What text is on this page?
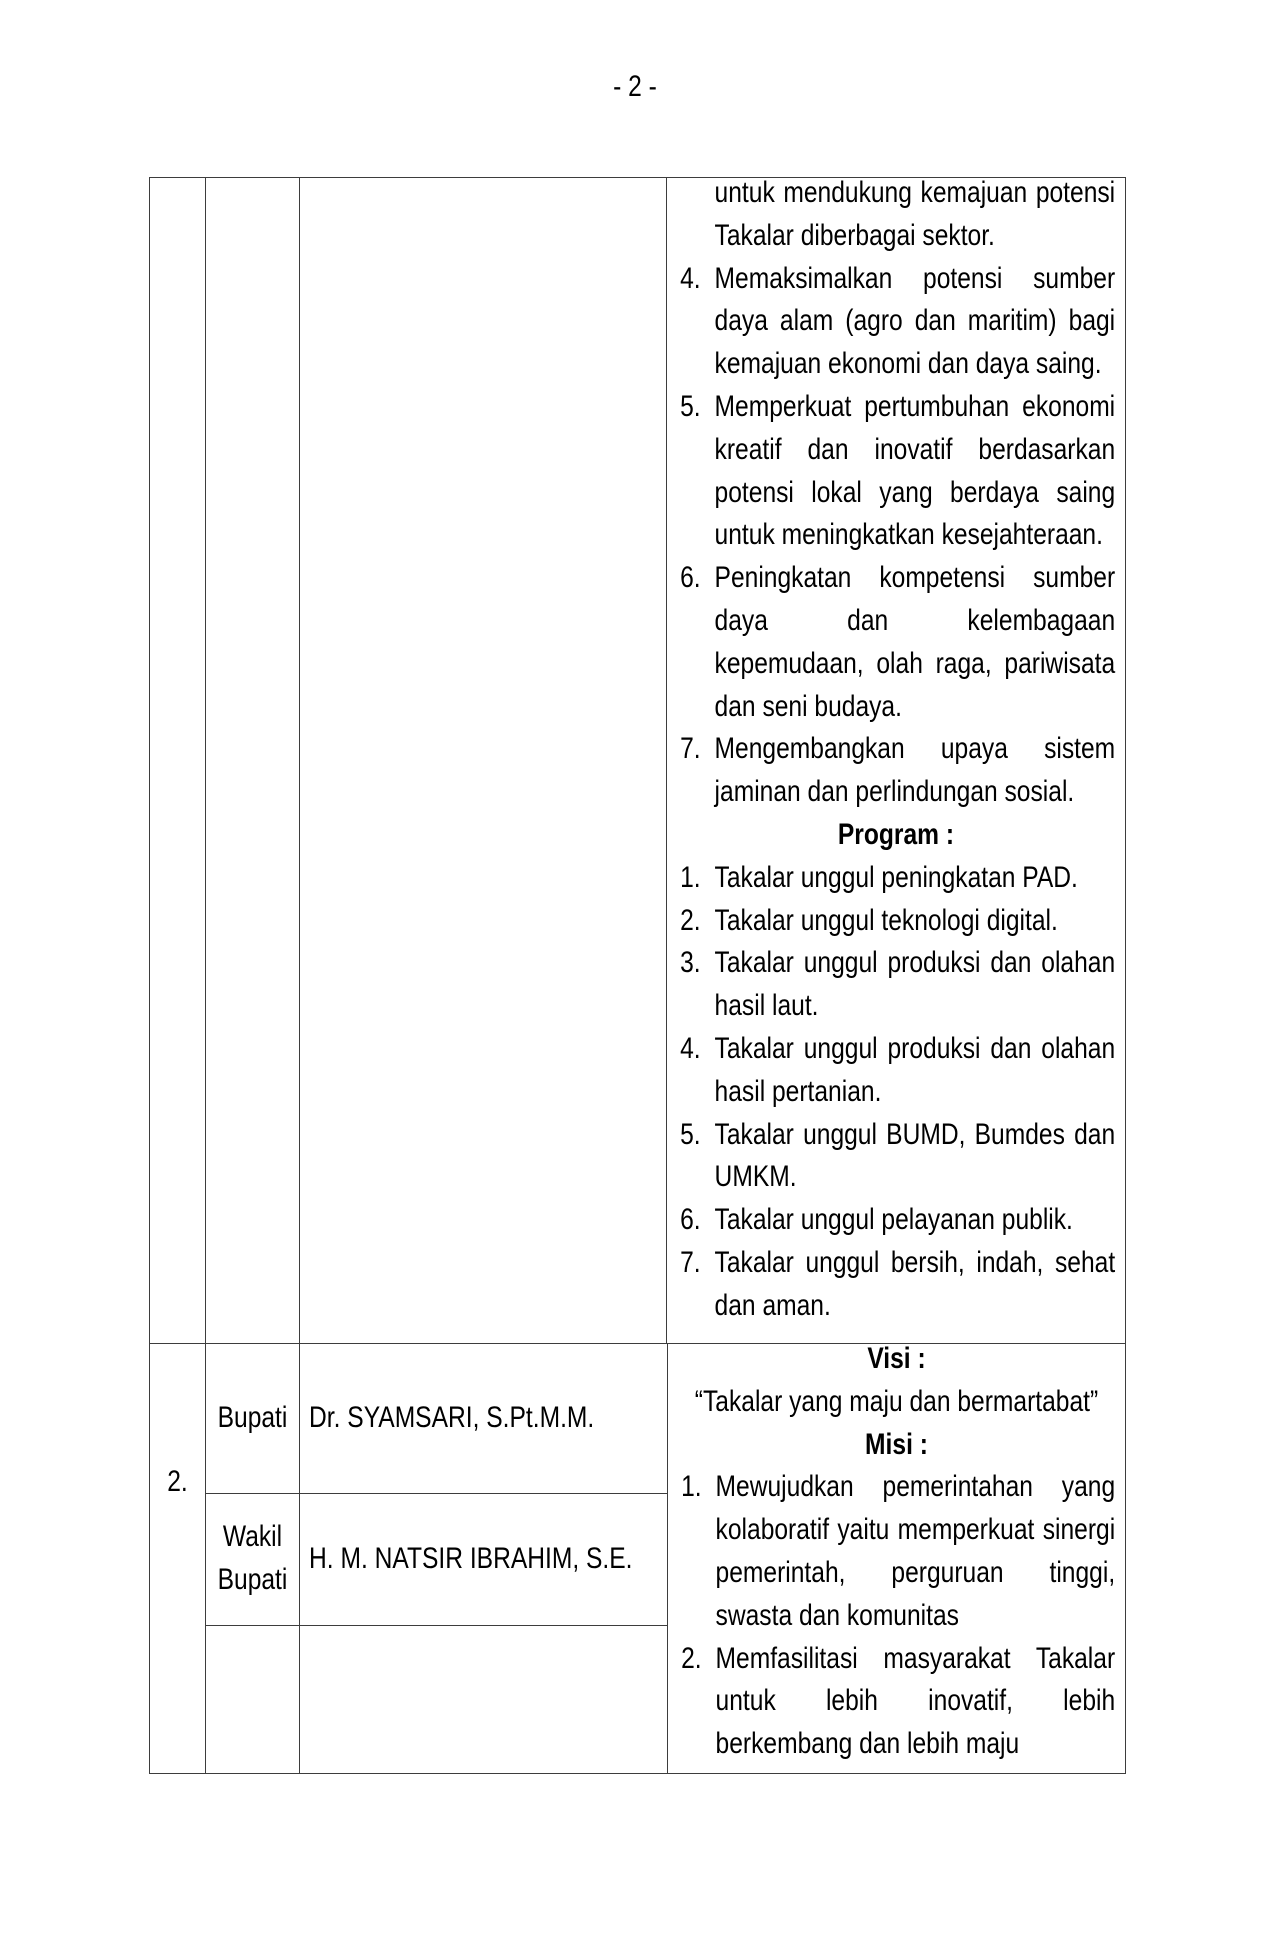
- 2 -
untuk mendukung kemajuan potensi
Takalar diberbagai sektor.
4. Memaksimalkan potensi sumber
daya alam (agro dan maritim) bagi
kemajuan ekonomi dan daya saing.
5. Memperkuat pertumbuhan ekonomi
kreatif dan inovatif berdasarkan
potensi lokal yang berdaya saing
untuk meningkatkan kesejahteraan.
6. Peningkatan kompetensi sumber
daya dan kelembagaan
kepemudaan, olah raga, pariwisata
dan seni budaya.
7. Mengembangkan upaya sistem
jaminan dan perlindungan sosial.
Program :
1. Takalar unggul peningkatan PAD.
2. Takalar unggul teknologi digital.
3. Takalar unggul produksi dan olahan
hasil laut.
4. Takalar unggul produksi dan olahan
hasil pertanian.
5. Takalar unggul BUMD, Bumdes dan
UMKM.
6. Takalar unggul pelayanan publik.
7. Takalar unggul bersih, indah, sehat
dan aman.
2.
Bupati Dr. SYAMSARI, S.Pt.M.M.
Wakil
Bupati
H. M. NATSIR IBRAHIM, S.E.
Visi :
“Takalar yang maju dan bermartabat”
Misi :
1. Mewujudkan pemerintahan yang
kolaboratif yaitu memperkuat sinergi
pemerintah, perguruan tinggi,
swasta dan komunitas
2. Memfasilitasi masyarakat Takalar
untuk lebih inovatif, lebih
berkembang dan lebih maju
